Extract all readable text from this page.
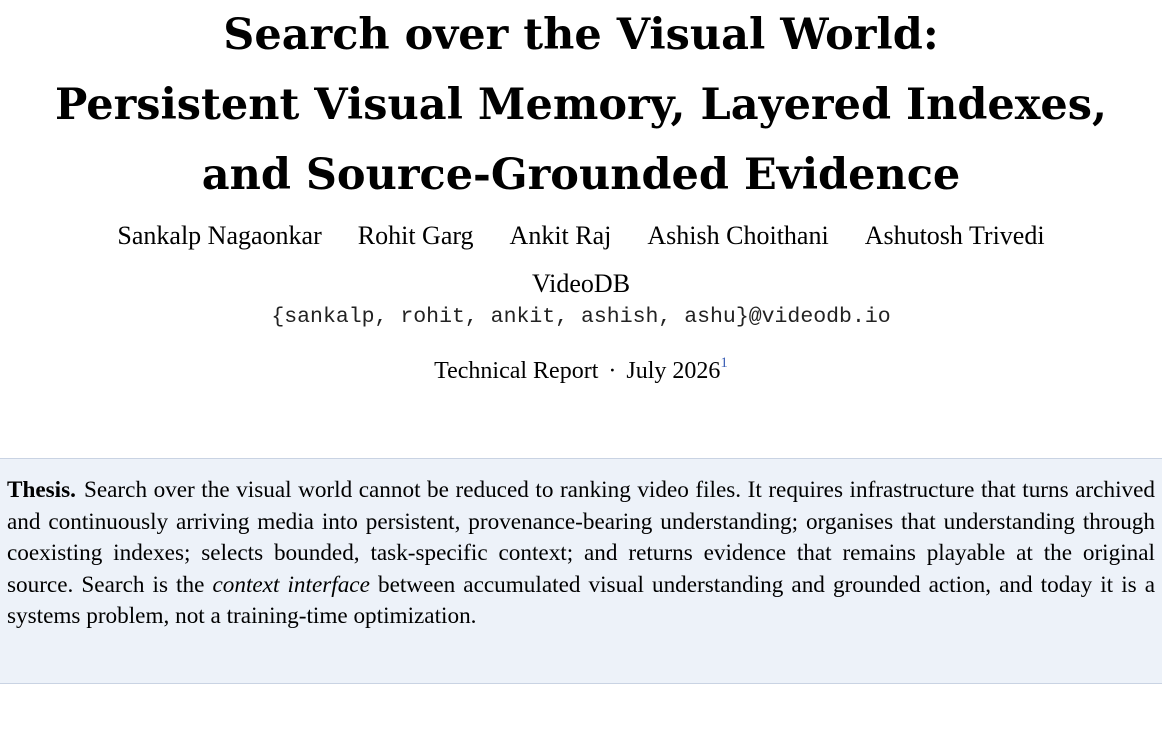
Search over the Visual World:
Persistent Visual Memory, Layered Indexes,
and Source-Grounded Evidence
Sankalp Nagaonkar Rohit Garg Ankit Raj Ashish Choithani Ashutosh Trivedi
VideoDB
{sankalp, rohit, ankit, ashish, ashu}@videodb.io
Technical Report · July 2026$^1$

Thesis. Search over the visual world cannot be reduced to ranking video files. It requires infrastructure that turns archived and continuously arriving media into persistent, provenance-bearing understanding; organises that understanding through coexisting indexes; selects bounded, task-specific context; and returns evidence that remains playable at the original source. Search is the context interface between accumulated visual understanding and grounded action, and today it is a systems problem, not a training-time optimization.
